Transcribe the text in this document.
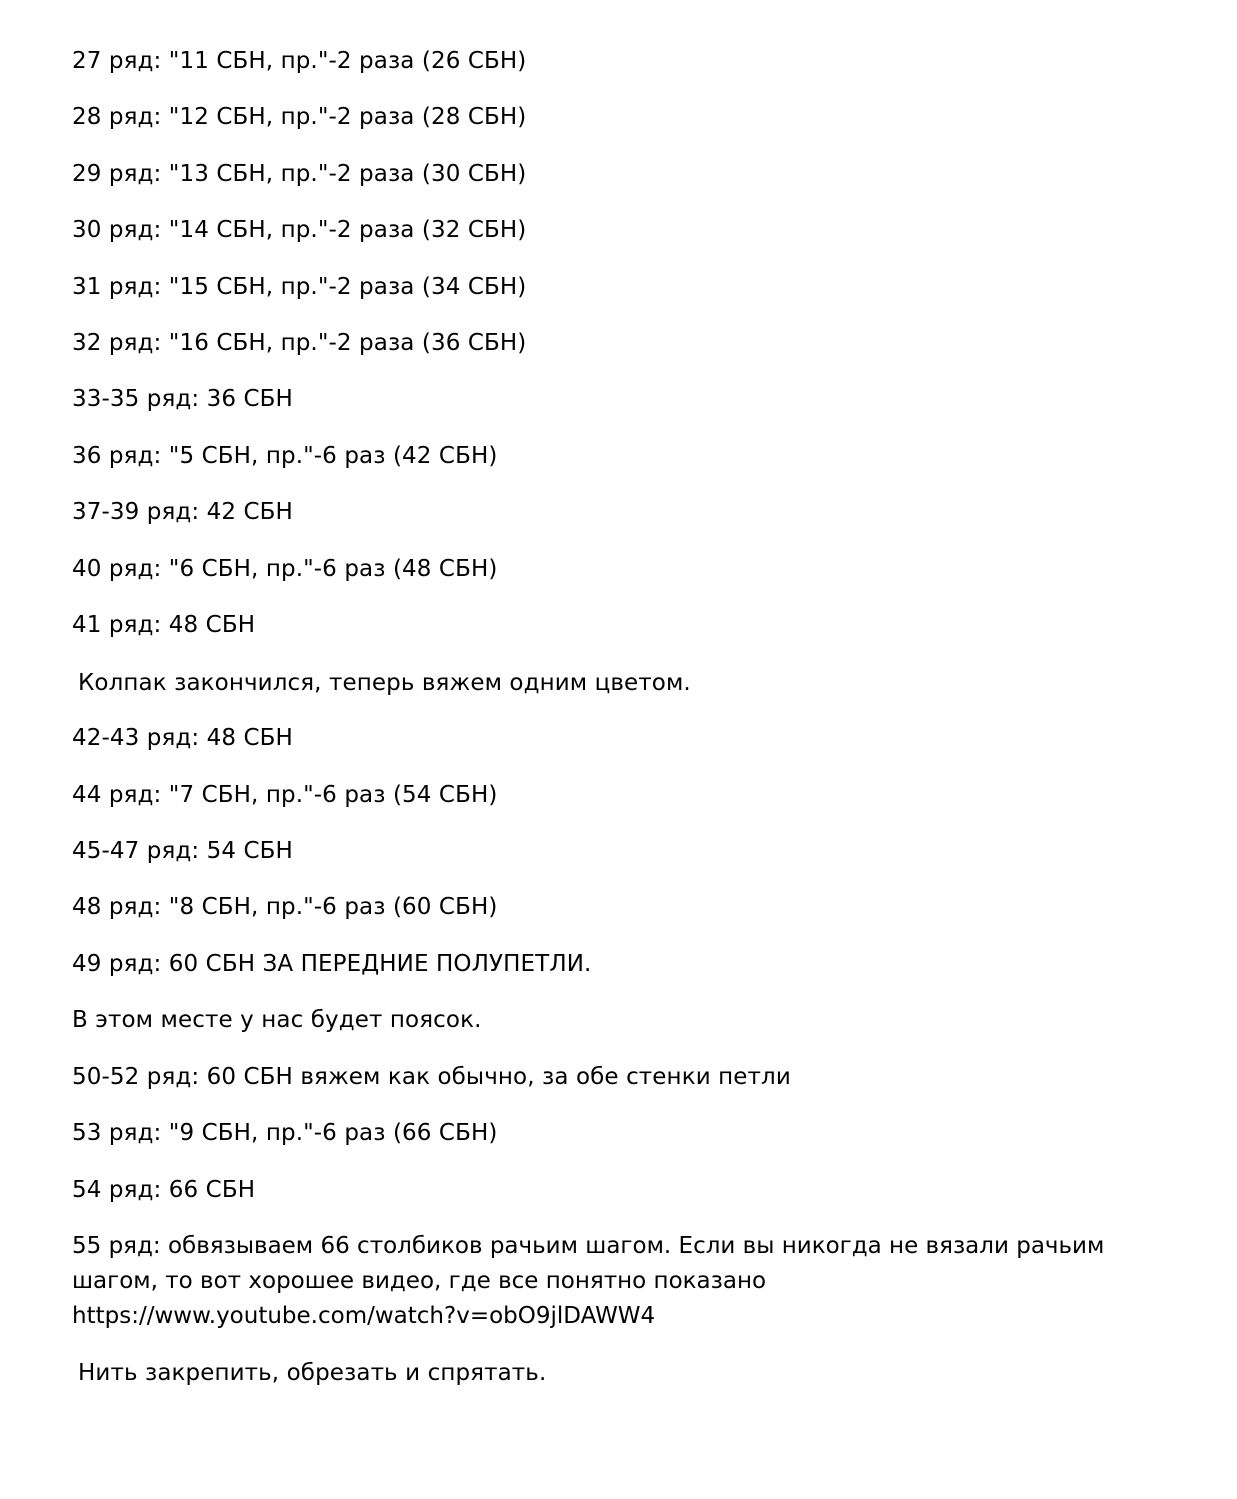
27 ряд: "11 СБН, пр."-2 раза (26 СБН)
28 ряд: "12 СБН, пр."-2 раза (28 СБН)
29 ряд: "13 СБН, пр."-2 раза (30 СБН)
30 ряд: "14 СБН, пр."-2 раза (32 СБН)
31 ряд: "15 СБН, пр."-2 раза (34 СБН)
32 ряд: "16 СБН, пр."-2 раза (36 СБН)
33-35 ряд: 36 СБН
36 ряд: "5 СБН, пр."-6 раз (42 СБН)
37-39 ряд: 42 СБН
40 ряд: "6 СБН, пр."-6 раз (48 СБН)
41 ряд: 48 СБН
Колпак закончился, теперь вяжем одним цветом.
42-43 ряд: 48 СБН
44 ряд: "7 СБН, пр."-6 раз (54 СБН)
45-47 ряд: 54 СБН
48 ряд: "8 СБН, пр."-6 раз (60 СБН)
49 ряд: 60 СБН ЗА ПЕРЕДНИЕ ПОЛУПЕТЛИ.
В этом месте у нас будет поясок.
50-52 ряд: 60 СБН вяжем как обычно, за обе стенки петли
53 ряд: "9 СБН, пр."-6 раз (66 СБН)
54 ряд: 66 СБН
55 ряд: обвязываем 66 столбиков рачьим шагом. Если вы никогда не вязали рачьим
шагом, то вот хорошее видео, где все понятно показано
https://www.youtube.com/watch?v=obO9jlDAWW4
Нить закрепить, обрезать и спрятать.
